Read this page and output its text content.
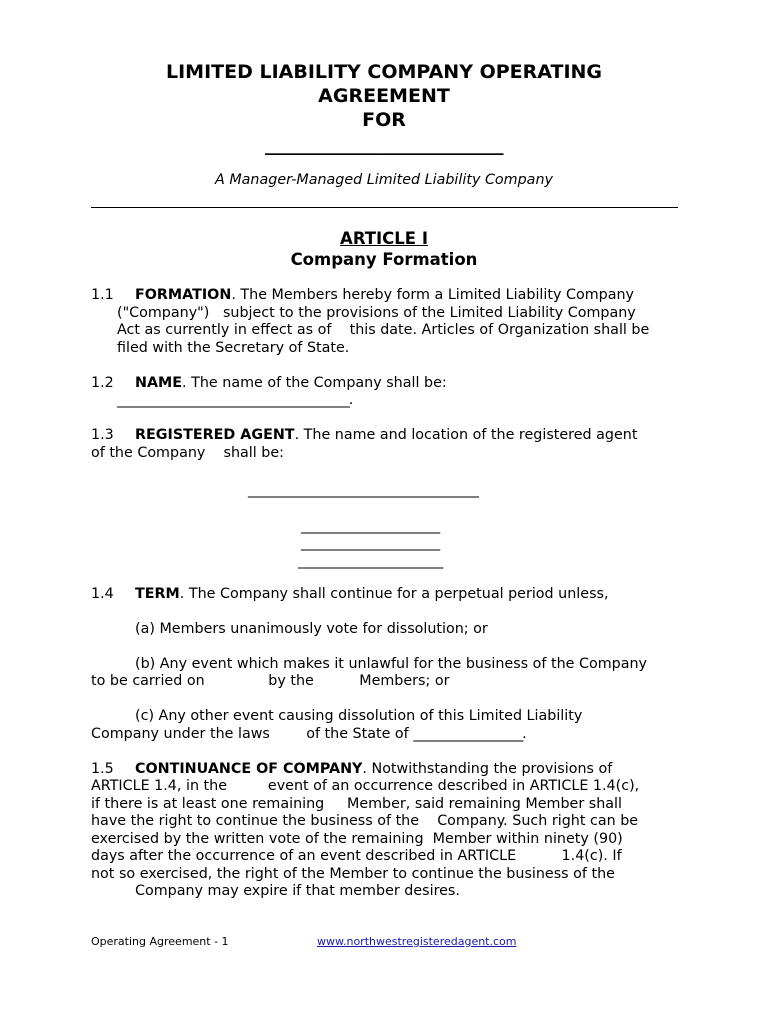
LIMITED LIABILITY COMPANY OPERATING
AGREEMENT
FOR
____________________________
A Manager-Managed Limited Liability Company
ARTICLE I
Company Formation
1.1 FORMATION. The Members hereby form a Limited Liability Company
("Company")   subject to the provisions of the Limited Liability Company
Act as currently in effect as of    this date. Articles of Organization shall be
filed with the Secretary of State.
1.2 NAME. The name of the Company shall be:
______________________________________.
1.3 REGISTERED AGENT. The name and location of the registered agent
of the Company    shall be:
______________________________________
_______________________
_______________________
________________________
1.4 TERM. The Company shall continue for a perpetual period unless,
(a) Members unanimously vote for dissolution; or
(b) Any event which makes it unlawful for the business of the Company
to be carried on              by the          Members; or
(c) Any other event causing dissolution of this Limited Liability
Company under the laws        of the State of __________________.
1.5 CONTINUANCE OF COMPANY. Notwithstanding the provisions of
ARTICLE 1.4, in the         event of an occurrence described in ARTICLE 1.4(c),
if there is at least one remaining     Member, said remaining Member shall
have the right to continue the business of the    Company. Such right can be
exercised by the written vote of the remaining  Member within ninety (90)
days after the occurrence of an event described in ARTICLE          1.4(c). If
not so exercised, the right of the Member to continue the business of the
Company may expire if that member desires.
Operating Agreement - 1	www.northwestregisteredagent.com
